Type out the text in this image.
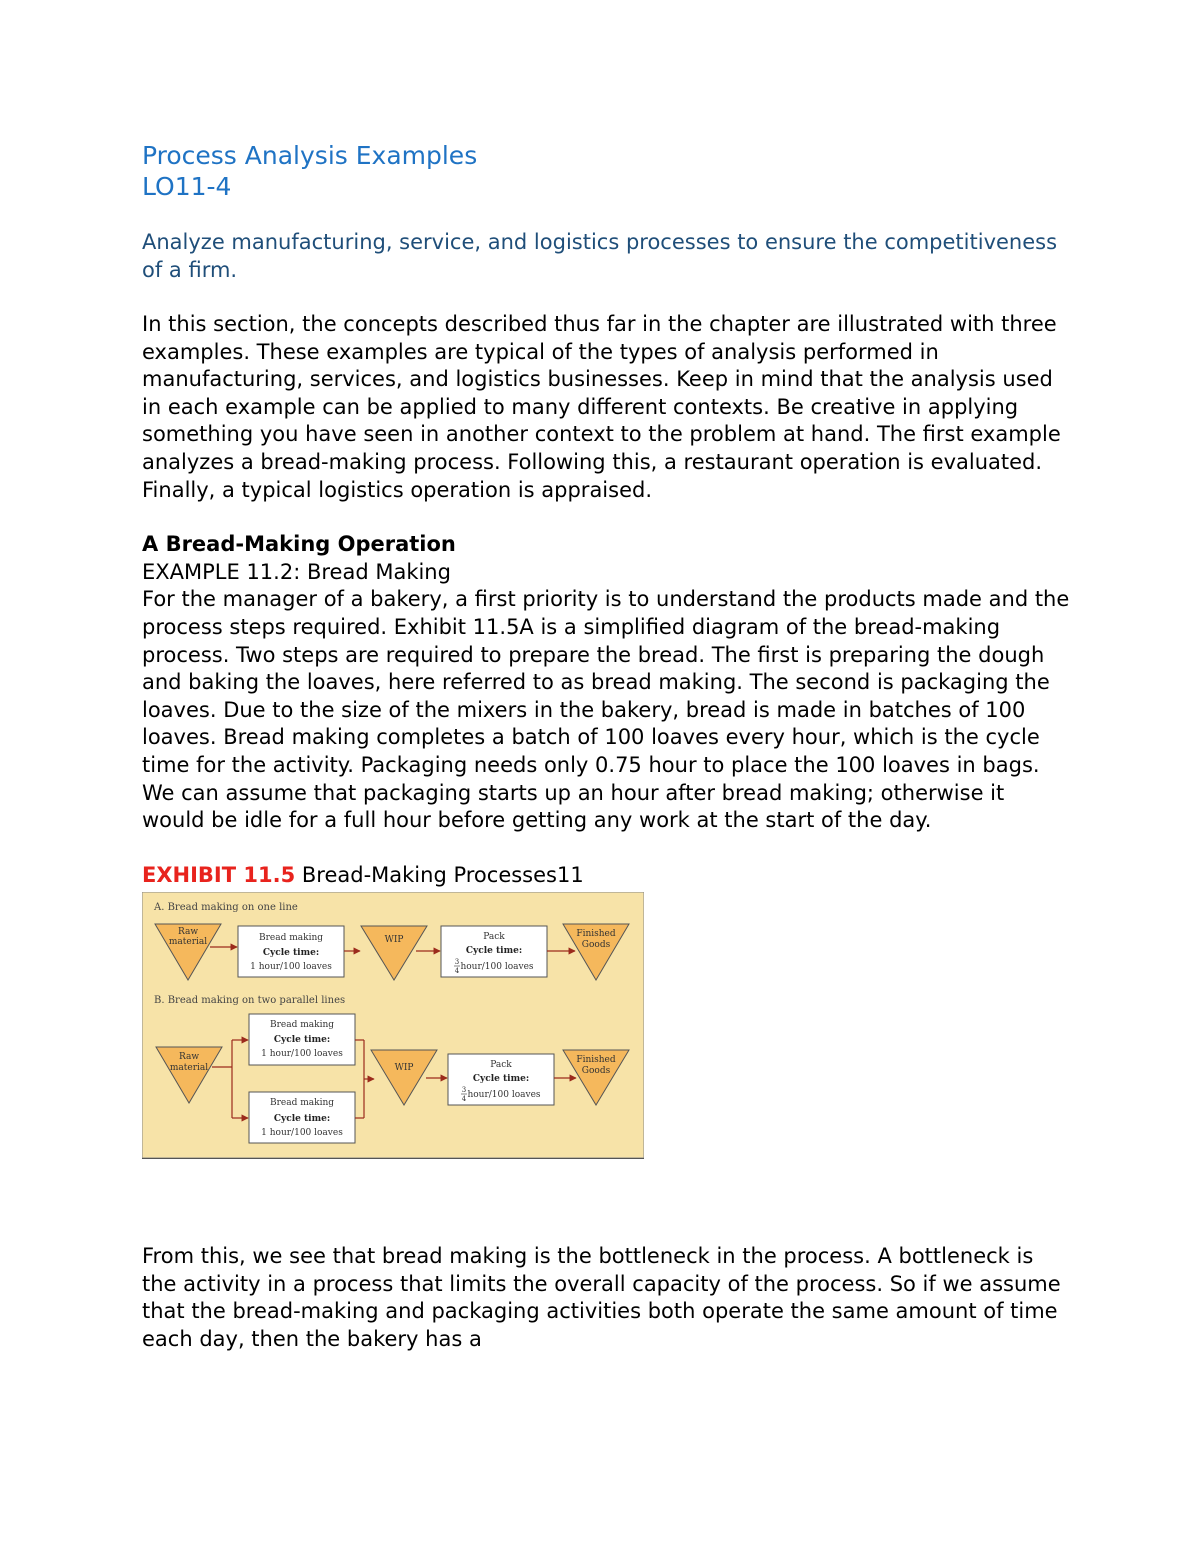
Process Analysis Examples
LO11-4

Analyze manufacturing, service, and logistics processes to ensure the competitiveness of a firm.

In this section, the concepts described thus far in the chapter are illustrated with three examples. These examples are typical of the types of analysis performed in manufacturing, services, and logistics businesses. Keep in mind that the analysis used in each example can be applied to many different contexts. Be creative in applying something you have seen in another context to the problem at hand. The first example analyzes a bread-making process. Following this, a restaurant operation is evaluated. Finally, a typical logistics operation is appraised.

A Bread-Making Operation

EXAMPLE 11.2: Bread Making

For the manager of a bakery, a first priority is to understand the products made and the process steps required. Exhibit 11.5A is a simplified diagram of the bread-making process. Two steps are required to prepare the bread. The first is preparing the dough and baking the loaves, here referred to as bread making. The second is packaging the loaves. Due to the size of the mixers in the bakery, bread is made in batches of 100 loaves. Bread making completes a batch of 100 loaves every hour, which is the cycle time for the activity. Packaging needs only 0.75 hour to place the 100 loaves in bags. We can assume that packaging starts up an hour after bread making; otherwise it would be idle for a full hour before getting any work at the start of the day.

EXHIBIT 11.5 Bread-Making Processes11

A. Bread making on one line
Raw
material	Bread making
Cycle time:
1 hour/100 loaves
WIP	Pack
Cycle time:
3
4 hour/100 loaves
Finished
Goods
B. Bread making on two parallel lines
Raw
material
Bread making
Cycle time:
1 hour/100 loaves
Bread making
Cycle time:
1 hour/100 loaves
WIP	Pack
Cycle time:
3
4 hour/100 loaves
Finished
Goods

From this, we see that bread making is the bottleneck in the process. A bottleneck is the activity in a process that limits the overall capacity of the process. So if we assume that the bread-making and packaging activities both operate the same amount of time each day, then the bakery has a
